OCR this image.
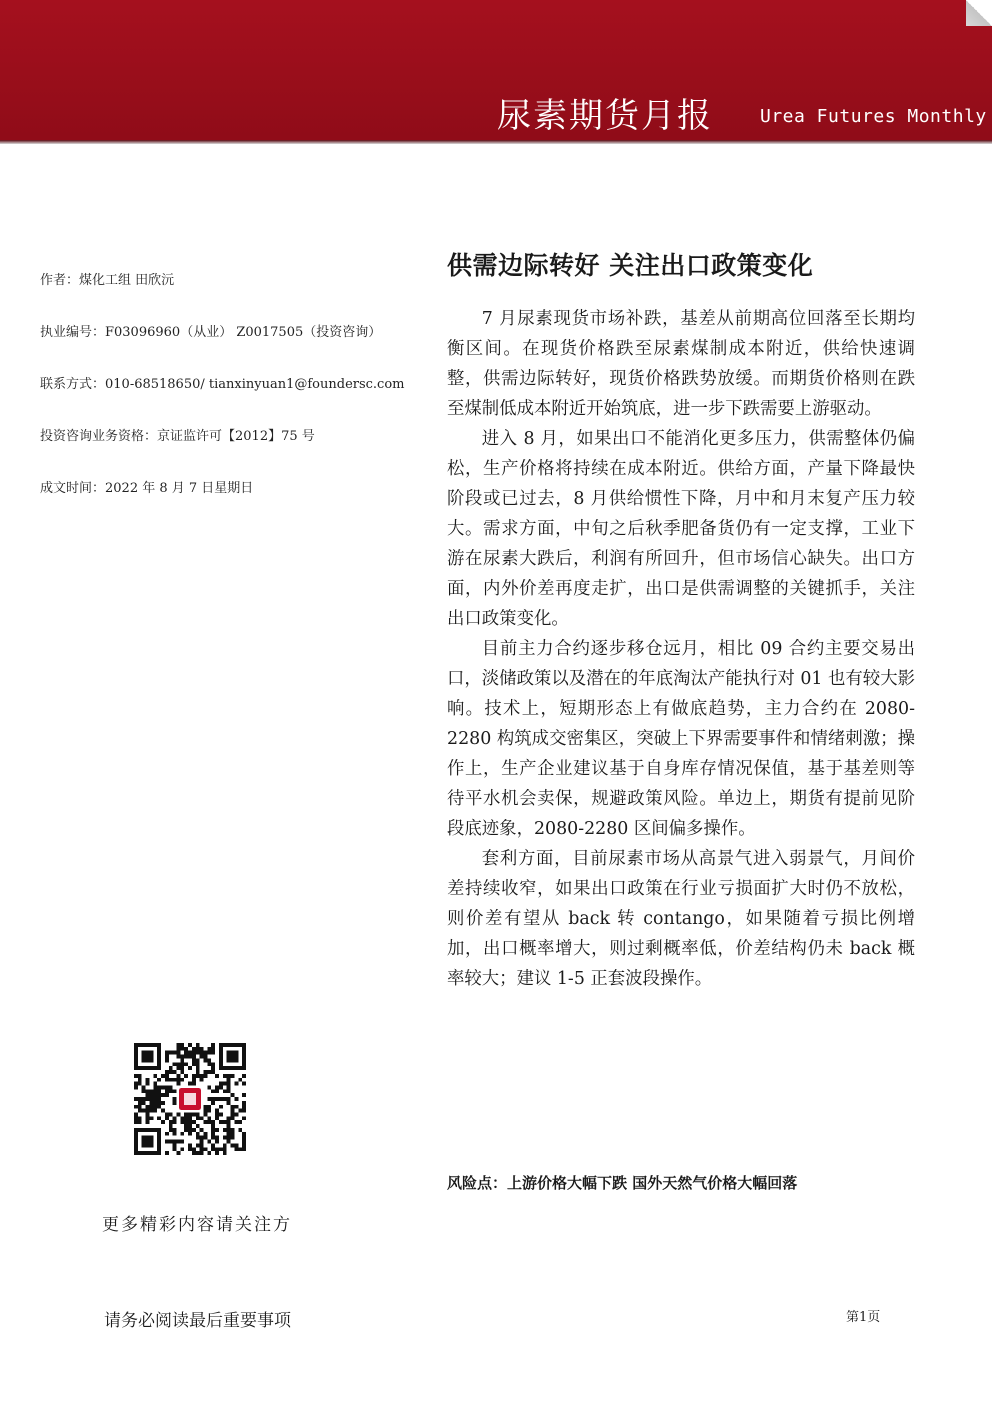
尿素期货月报	Urea Futures Monthly
作者：煤化工组 田欣沅
执业编号：F03096960（从业） Z0017505（投资咨询）
联系方式：010-68518650/ tianxinyuan1@foundersc.com
投资咨询业务资格：京证监许可【2012】75 号
成文时间：2022 年 8 月 7 日星期日
供需边际转好 关注出口政策变化

7 月尿素现货市场补跌，基差从前期高位回落至长期均衡区间。在现货价格跌至尿素煤制成本附近，供给快速调整，供需边际转好，现货价格跌势放缓。而期货价格则在跌至煤制低成本附近开始筑底，进一步下跌需要上游驱动。

进入 8 月，如果出口不能消化更多压力，供需整体仍偏松，生产价格将持续在成本附近。供给方面，产量下降最快阶段或已过去，8 月供给惯性下降，月中和月末复产压力较大。需求方面，中旬之后秋季肥备货仍有一定支撑，工业下游在尿素大跌后，利润有所回升，但市场信心缺失。出口方面，内外价差再度走扩，出口是供需调整的关键抓手，关注出口政策变化。

目前主力合约逐步移仓远月，相比 09 合约主要交易出口，淡储政策以及潜在的年底淘汰产能执行对 01 也有较大影响。技术上，短期形态上有做底趋势，主力合约在 2080-2280 构筑成交密集区，突破上下界需要事件和情绪刺激；操作上，生产企业建议基于自身库存情况保值，基于基差则等待平水机会卖保，规避政策风险。单边上，期货有提前见阶段底迹象，2080-2280 区间偏多操作。

套利方面，目前尿素市场从高景气进入弱景气，月间价差持续收窄，如果出口政策在行业亏损面扩大时仍不放松，则价差有望从 back 转 contango，如果随着亏损比例增加，出口概率增大，则过剩概率低，价差结构仍未 back 概率较大；建议 1-5 正套波段操作。

风险点：上游价格大幅下跌 国外天然气价格大幅回落
更多精彩内容请关注方
请务必阅读最后重要事项	第1页
